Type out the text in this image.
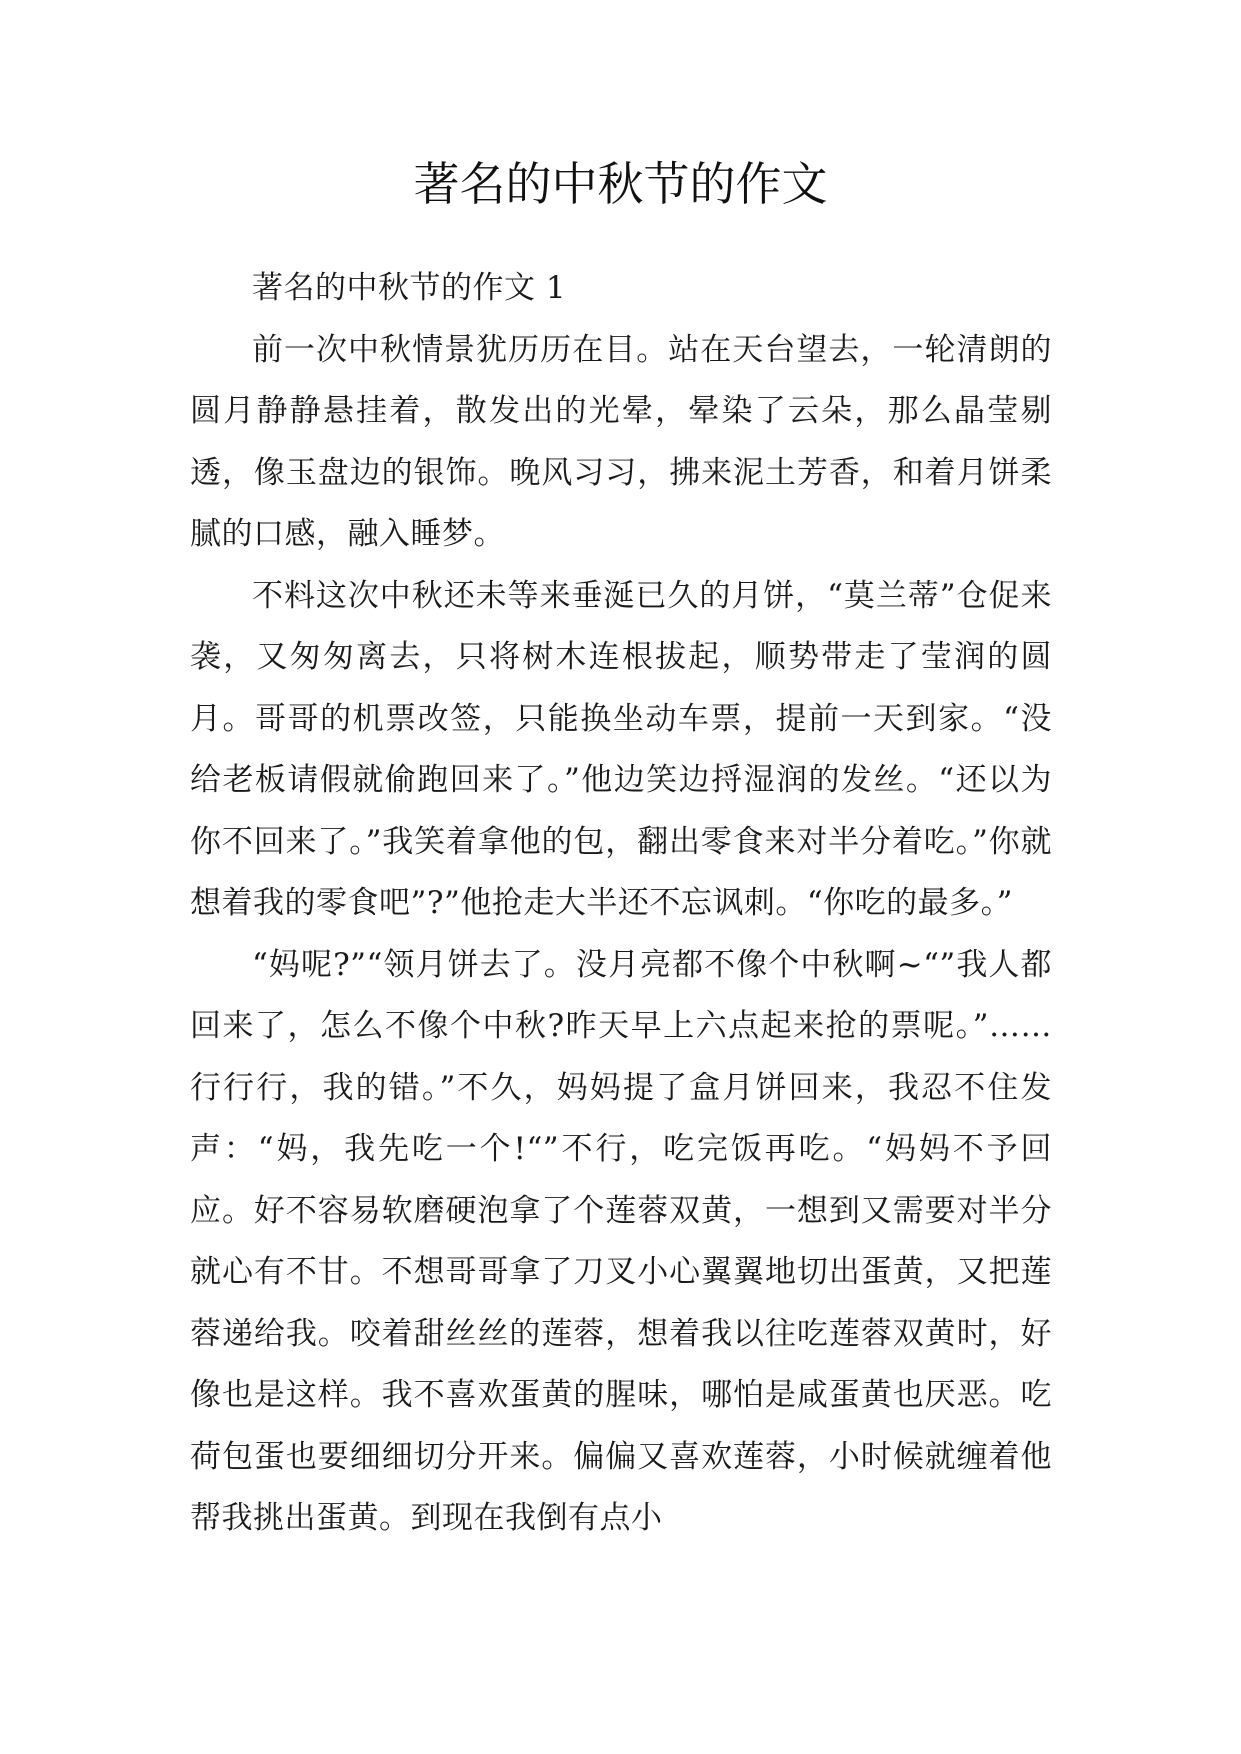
著名的中秋节的作文

著名的中秋节的作文 1

前一次中秋情景犹历历在目。站在天台望去，一轮清朗的圆月静静悬挂着，散发出的光晕，晕染了云朵，那么晶莹剔透，像玉盘边的银饰。晚风习习，拂来泥土芳香，和着月饼柔腻的口感，融入睡梦。

不料这次中秋还未等来垂涎已久的月饼，“莫兰蒂”仓促来袭，又匆匆离去，只将树木连根拔起，顺势带走了莹润的圆月。哥哥的机票改签，只能换坐动车票，提前一天到家。“没给老板请假就偷跑回来了。”他边笑边捋湿润的发丝。“还以为你不回来了。”我笑着拿他的包，翻出零食来对半分着吃。”你就想着我的零食吧”?”他抢走大半还不忘讽刺。“你吃的最多。”

“妈呢?”“领月饼去了。没月亮都不像个中秋啊~“”我人都回来了，怎么不像个中秋?昨天早上六点起来抢的票呢。”……行行行，我的错。”不久，妈妈提了盒月饼回来，我忍不住发声：“妈，我先吃一个!“”不行，吃完饭再吃。“妈妈不予回应。好不容易软磨硬泡拿了个莲蓉双黄，一想到又需要对半分就心有不甘。不想哥哥拿了刀叉小心翼翼地切出蛋黄，又把莲蓉递给我。咬着甜丝丝的莲蓉，想着我以往吃莲蓉双黄时，好像也是这样。我不喜欢蛋黄的腥味，哪怕是咸蛋黄也厌恶。吃荷包蛋也要细细切分开来。偏偏又喜欢莲蓉，小时候就缠着他帮我挑出蛋黄。到现在我倒有点小
